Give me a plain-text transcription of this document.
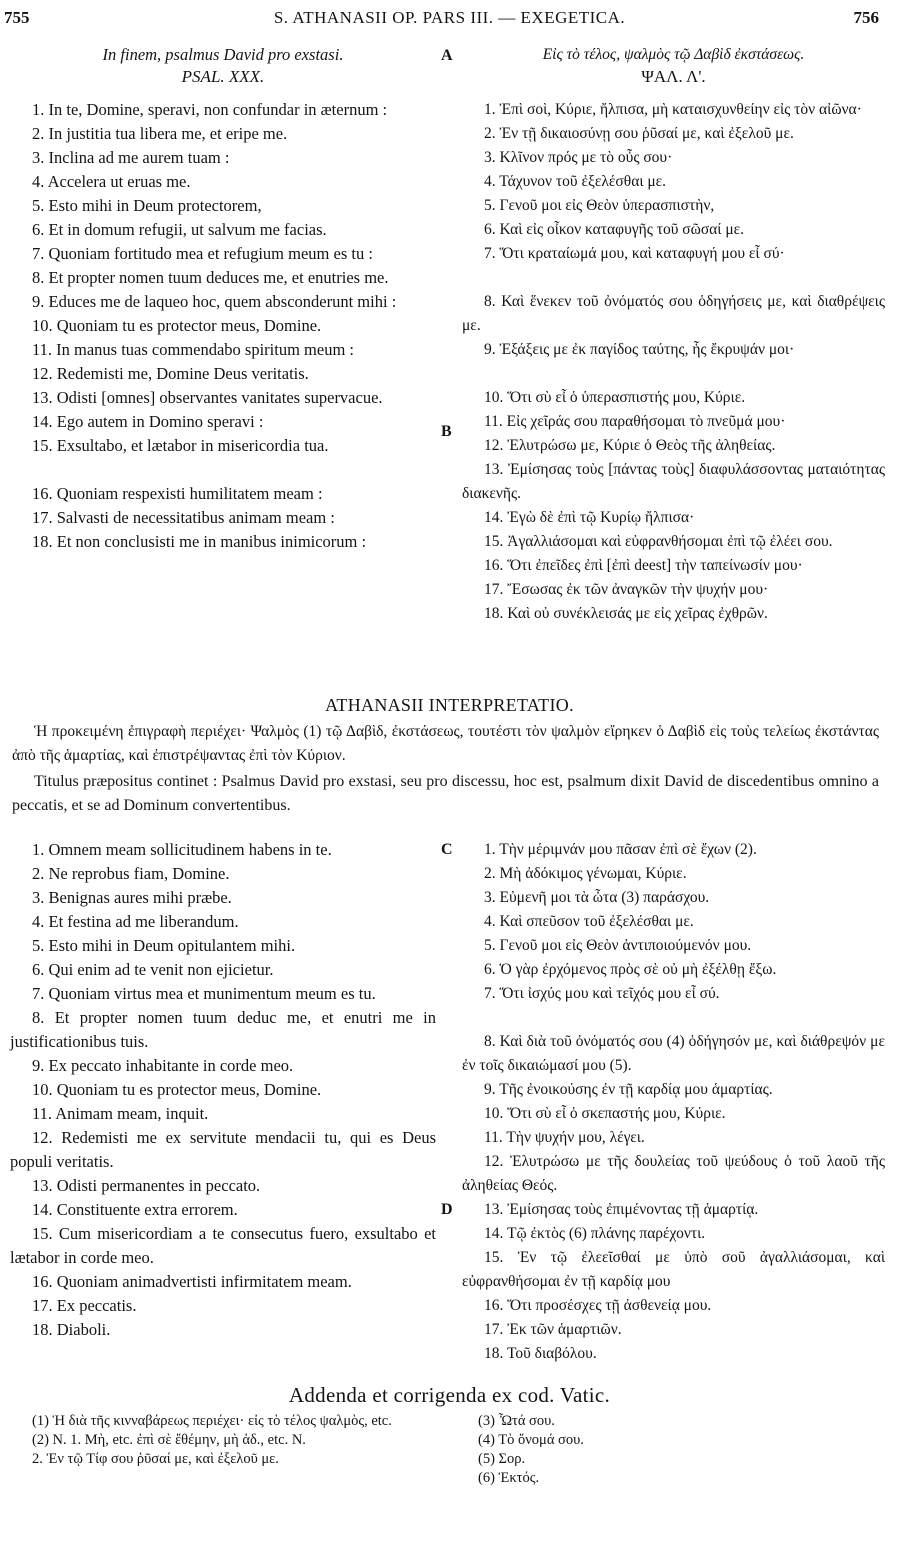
755	S. ATHANASII OP. PARS III. — EXEGETICA.	756
In finem, psalmus David pro exstasi.
PSAL. XXX.
Εἰς τὸ τέλος, ψαλμὸς τῷ Δαβὶδ ἐκστάσεως.
ΨΑΛ. Λ'.
A

1. In te, Domine, speravi, non confundar in æternum :

2. In justitia tua libera me, et eripe me.

3. Inclina ad me aurem tuam :

4. Accelera ut eruas me.

5. Esto mihi in Deum protectorem,

6. Et in domum refugii, ut salvum me facias.

7. Quoniam fortitudo mea et refugium meum es tu :

8. Et propter nomen tuum deduces me, et enutries me.

9. Educes me de laqueo hoc, quem absconderunt mihi :

10. Quoniam tu es protector meus, Domine.

11. In manus tuas commendabo spiritum meum :

12. Redemisti me, Domine Deus veritatis.

13. Odisti [omnes] observantes vanitates supervacue.

14. Ego autem in Domino speravi :

15. Exsultabo, et lætabor in misericordia tua.

16. Quoniam respexisti humilitatem meam :

17. Salvasti de necessitatibus animam meam :

18. Et non conclusisti me in manibus inimicorum :

1. Ἐπὶ σοὶ, Κύριε, ἤλπισα, μὴ καταισχυνθείην εἰς τὸν αἰῶνα·

2. Ἐν τῇ δικαιοσύνῃ σου ῥῦσαί με, καὶ ἐξελοῦ με.

3. Κλῖνον πρός με τὸ οὖς σου·

4. Τάχυνον τοῦ ἐξελέσθαι με.

5. Γενοῦ μοι εἰς Θεὸν ὑπερασπιστὴν,

6. Καὶ εἰς οἶκον καταφυγῆς τοῦ σῶσαί με.

7. Ὅτι κραταίωμά μου, καὶ καταφυγή μου εἶ σύ·

8. Καὶ ἕνεκεν τοῦ ὀνόματός σου ὁδηγήσεις με, καὶ διαθρέψεις με.

9. Ἐξάξεις με ἐκ παγίδος ταύτης, ἧς ἔκρυψάν μοι·

10. Ὅτι σὺ εἶ ὁ ὑπερασπιστής μου, Κύριε.

11. Εἰς χεῖράς σου παραθήσομαι τὸ πνεῦμά μου·

12. Ἐλυτρώσω με, Κύριε ὁ Θεὸς τῆς ἀληθείας.

13. Ἐμίσησας τοὺς [πάντας τοὺς] διαφυλάσσοντας ματαιότητας διακενῆς.

14. Ἐγὼ δὲ ἐπὶ τῷ Κυρίῳ ἤλπισα·

15. Ἀγαλλιάσομαι καὶ εὐφρανθήσομαι ἐπὶ τῷ ἐλέει σου.

16. Ὅτι ἐπεῖδες ἐπὶ [ἐπὶ deest] τὴν ταπείνωσίν μου·

17. Ἔσωσας ἐκ τῶν ἀναγκῶν τὴν ψυχήν μου·

18. Καὶ οὐ συνέκλεισάς με εἰς χεῖρας ἐχθρῶν.

B
ATHANASII INTERPRETATIO.

Ἡ προκειμένη ἐπιγραφὴ περιέχει· Ψαλμὸς (1) τῷ Δαβὶδ, ἐκστάσεως, τουτέστι τὸν ψαλμὸν εἴρηκεν ὁ Δαβὶδ εἰς τοὺς τελείως ἐκστάντας ἀπὸ τῆς ἁμαρτίας, καὶ ἐπιστρέψαντας ἐπὶ τὸν Κύριον.

Titulus præpositus continet : Psalmus David pro exstasi, seu pro discessu, hoc est, psalmum dixit David de discedentibus omnino a peccatis, et se ad Dominum convertentibus.

1. Omnem meam sollicitudinem habens in te.

2. Ne reprobus fiam, Domine.

3. Benignas aures mihi præbe.

4. Et festina ad me liberandum.

5. Esto mihi in Deum opitulantem mihi.

6. Qui enim ad te venit non ejicietur.

7. Quoniam virtus mea et munimentum meum es tu.

8. Et propter nomen tuum deduc me, et enutri me in justificationibus tuis.

9. Ex peccato inhabitante in corde meo.

10. Quoniam tu es protector meus, Domine.

11. Animam meam, inquit.

12. Redemisti me ex servitute mendacii tu, qui es Deus populi veritatis.

13. Odisti permanentes in peccato.

14. Constituente extra errorem.

15. Cum misericordiam a te consecutus fuero, exsultabo et lætabor in corde meo.

16. Quoniam animadvertisti infirmitatem meam.

17. Ex peccatis.

18. Diaboli.

1. Τὴν μέριμνάν μου πᾶσαν ἐπὶ σὲ ἔχων (2).

2. Μὴ ἀδόκιμος γένωμαι, Κύριε.

3. Εὐμενῆ μοι τὰ ὦτα (3) παράσχου.

4. Καὶ σπεῦσον τοῦ ἐξελέσθαι με.

5. Γενοῦ μοι εἰς Θεὸν ἀντιποιούμενόν μου.

6. Ὁ γὰρ ἐρχόμενος πρὸς σὲ οὐ μὴ ἐξέλθῃ ἔξω.

7. Ὅτι ἰσχύς μου καὶ τεῖχός μου εἶ σύ.

8. Καὶ διὰ τοῦ ὀνόματός σου (4) ὁδήγησόν με, καὶ διάθρεψόν με ἐν τοῖς δικαιώμασί μου (5).

9. Τῆς ἐνοικούσης ἐν τῇ καρδίᾳ μου ἁμαρτίας.

10. Ὅτι σὺ εἶ ὁ σκεπαστής μου, Κύριε.

11. Τὴν ψυχήν μου, λέγει.

12. Ἐλυτρώσω με τῆς δουλείας τοῦ ψεύδους ὁ τοῦ λαοῦ τῆς ἀληθείας Θεός.

13. Ἐμίσησας τοὺς ἐπιμένοντας τῇ ἁμαρτίᾳ.

14. Τῷ ἐκτὸς (6) πλάνης παρέχοντι.

15. Ἐν τῷ ἐλεεῖσθαί με ὑπὸ σοῦ ἀγαλλιάσομαι, καὶ εὐφρανθήσομαι ἐν τῇ καρδίᾳ μου

16. Ὅτι προσέσχες τῇ ἀσθενείᾳ μου.

17. Ἐκ τῶν ἁμαρτιῶν.

18. Τοῦ διαβόλου.

C
D
Addenda et corrigenda ex cod. Vatic.

(1) Ἡ διὰ τῆς κινναβάρεως περιέχει· εἰς τὸ τέλος ψαλμὸς, etc.

(2) Ν. 1. Μὴ, etc. ἐπὶ σὲ ἔθέμην, μὴ ἀδ., etc. N.

2. Ἐν τῷ Τίφ σου ῥῦσαί με, καὶ ἐξελοῦ με.

(3) Ὦτά σου.

(4) Τὸ ὄνομά σου.

(5) Σορ.

(6) Ἐκτός.
